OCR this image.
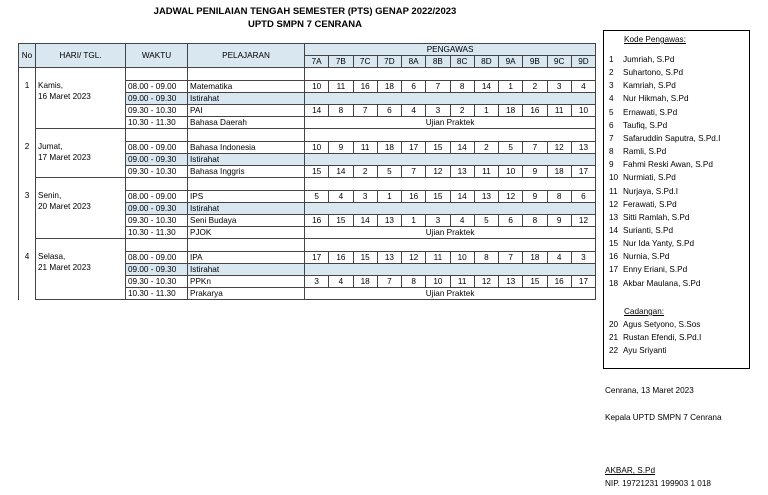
JADWAL PENILAIAN TENGAH SEMESTER (PTS) GENAP 2022/2023
UPTD SMPN 7 CENRANA
No	HARI/ TGL.	WAKTU	PELAJARAN	PENGAWAS											
				7A	7B	7C	7D	8A	8B	8C	8D	9A	9B	9C	9D
1	Kamis,
16 Maret 2023														

		08.00 - 09.00	Matematika	10	11	16	18	6	7	8	14	1	2	3	4
		09.00 - 09.30	Istirahat												
		09.30 - 10.30	PAI	14	8	7	6	4	3	2	1	18	16	11	10
		10.30 - 11.30	Bahasa Daerah	Ujian Praktek											
2	Jumat,
17 Maret 2023														

		08.00 - 09.00	Bahasa Indonesia	10	9	11	18	17	15	14	2	5	7	12	13
		09.00 - 09.30	Istirahat												
		09.30 - 10.30	Bahasa Inggris	15	14	2	5	7	12	13	11	10	9	18	17
3	Senin,
20 Maret 2023														

		08.00 - 09.00	IPS	5	4	3	1	16	15	14	13	12	9	8	6
		09.00 - 09.30	Istirahat												
		09.30 - 10.30	Seni Budaya	16	15	14	13	1	3	4	5	6	8	9	12
		10.30 - 11.30	PJOK	Ujian Praktek											
4	Selasa,
21 Maret 2023														

		08.00 - 09.00	IPA	17	16	15	13	12	11	10	8	7	18	4	3
		09.00 - 09.30	Istirahat												
		09.30 - 10.30	PPKn	3	4	18	7	8	10	11	12	13	15	16	17
		10.30 - 11.30	Prakarya	Ujian Praktek											
Kode Pengawas:
Cadangan:
1 Jumriah, S.Pd
2 Suhartono, S.Pd
3 Kamriah, S.Pd
4 Nur Hikmah, S.Pd
5 Ernawati, S.Pd
6 Taufiq, S.Pd
7 Safaruddin Saputra, S.Pd.I
8 Ramli, S.Pd
9 Fahmi Reski Awan, S.Pd
10 Nurmiati, S.Pd
11 Nurjaya, S.Pd.I
12 Ferawati, S.Pd
13 Sitti Ramlah, S.Pd
14 Surianti, S.Pd
15 Nur Ida Yanty, S.Pd
16 Nurnia, S.Pd
17 Enny Eriani, S.Pd
18 Akbar Maulana, S.Pd
20 Agus Setyono, S.Sos
21 Rustan Efendi, S.Pd.I
22 Ayu Sriyanti
Cenrana, 13 Maret 2023
Kepala UPTD SMPN 7 Cenrana
AKBAR, S.Pd
NIP. 19721231 199903 1 018
